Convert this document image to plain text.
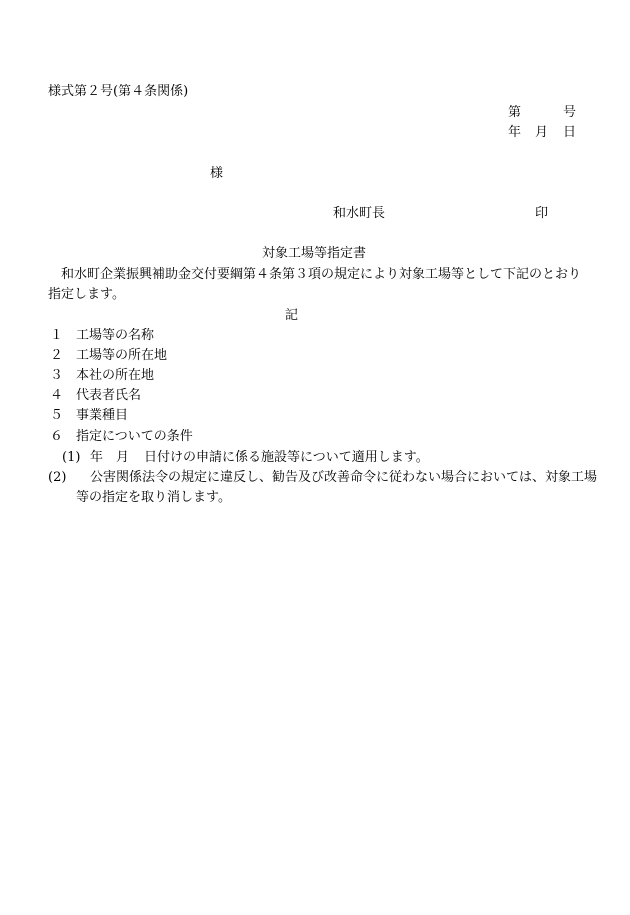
様式第２号(第４条関係)
第	号
年 月 日
様
和水町長	印
対象工場等指定書
和水町企業振興補助金交付要綱第４条第３項の規定により対象工場等として下記のとおり指定します。
記
１ 工場等の名称
２ 工場等の所在地
３ 本社の所在地
４ 代表者氏名
５ 事業種目
６ 指定についての条件
(1) 年 月 日付けの申請に係る施設等について適用します。
(2) 公害関係法令の規定に違反し、勧告及び改善命令に従わない場合においては、対象工場等の指定を取り消します。
